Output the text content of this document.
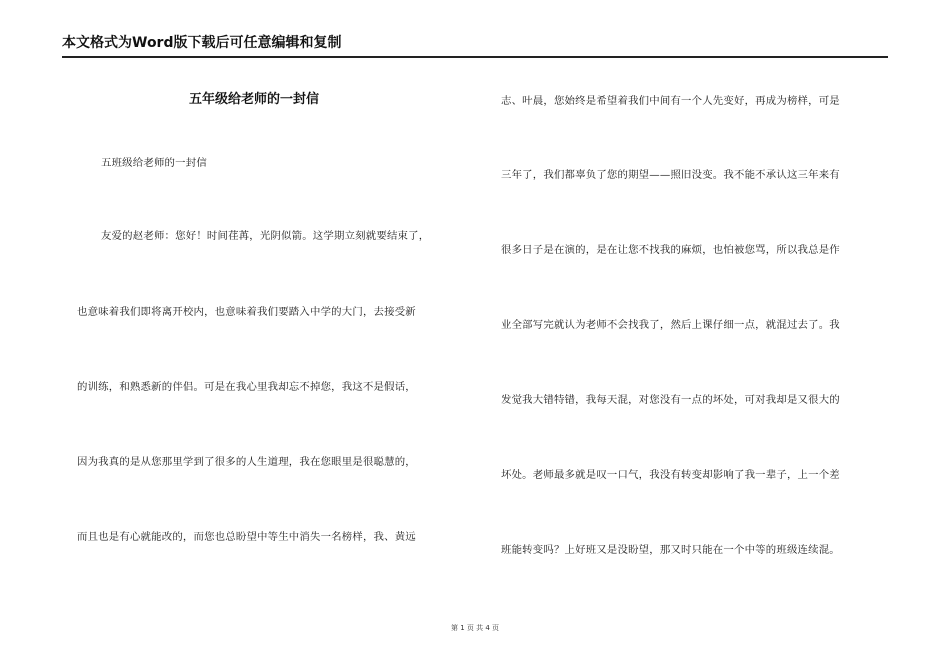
本文格式为Word版下载后可任意编辑和复制
五年级给老师的一封信
五班级给老师的一封信
友爱的赵老师：您好！时间荏苒，光阴似箭。这学期立刻就要结束了，
也意味着我们即将离开校内，也意味着我们要踏入中学的大门，去接受新
的训练，和熟悉新的伴侣。可是在我心里我却忘不掉您，我这不是假话，
因为我真的是从您那里学到了很多的人生道理，我在您眼里是很聪慧的，
而且也是有心就能改的，而您也总盼望中等生中消失一名榜样，我、黄远
志、叶晨，您始终是希望着我们中间有一个人先变好，再成为榜样，可是
三年了，我们都辜负了您的期望——照旧没变。我不能不承认这三年来有
很多日子是在演的，是在让您不找我的麻烦，也怕被您骂，所以我总是作
业全部写完就认为老师不会找我了，然后上课仔细一点，就混过去了。我
发觉我大错特错，我每天混，对您没有一点的坏处，可对我却是又很大的
坏处。老师最多就是叹一口气，我没有转变却影响了我一辈子，上一个差
班能转变吗？上好班又是没盼望，那又时只能在一个中等的班级连续混。
第 1 页 共 4 页
